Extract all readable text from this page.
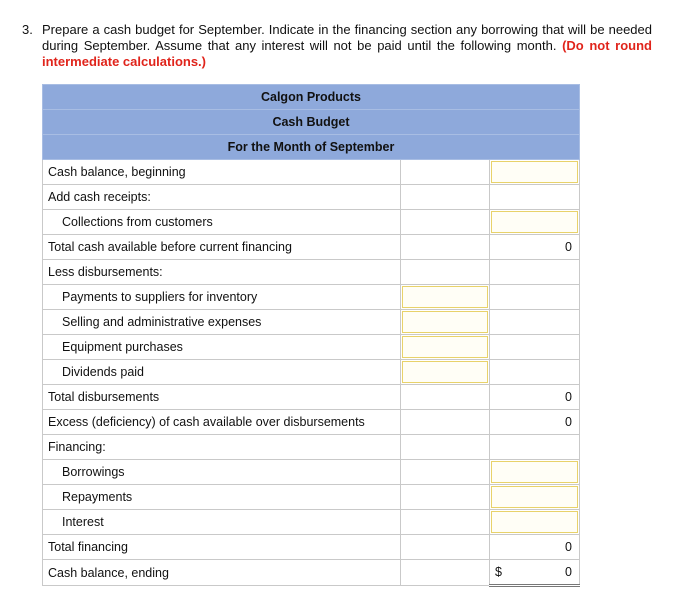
3. Prepare a cash budget for September. Indicate in the financing section any borrowing that will be needed during September. Assume that any interest will not be paid until the following month. (Do not round intermediate calculations.)
Calgon Products		
Cash Budget		
For the Month of September		
Cash balance, beginning		

Add cash receipts:		
Collections from customers		

Total cash available before current financing		0
Less disbursements:		
Payments to suppliers for inventory	

Selling and administrative expenses	

Equipment purchases	

Dividends paid	

Total disbursements		0
Excess (deficiency) of cash available over disbursements		0
Financing:		
Borrowings		

Repayments		

Interest		

Total financing		0
Cash balance, ending		$ 0
